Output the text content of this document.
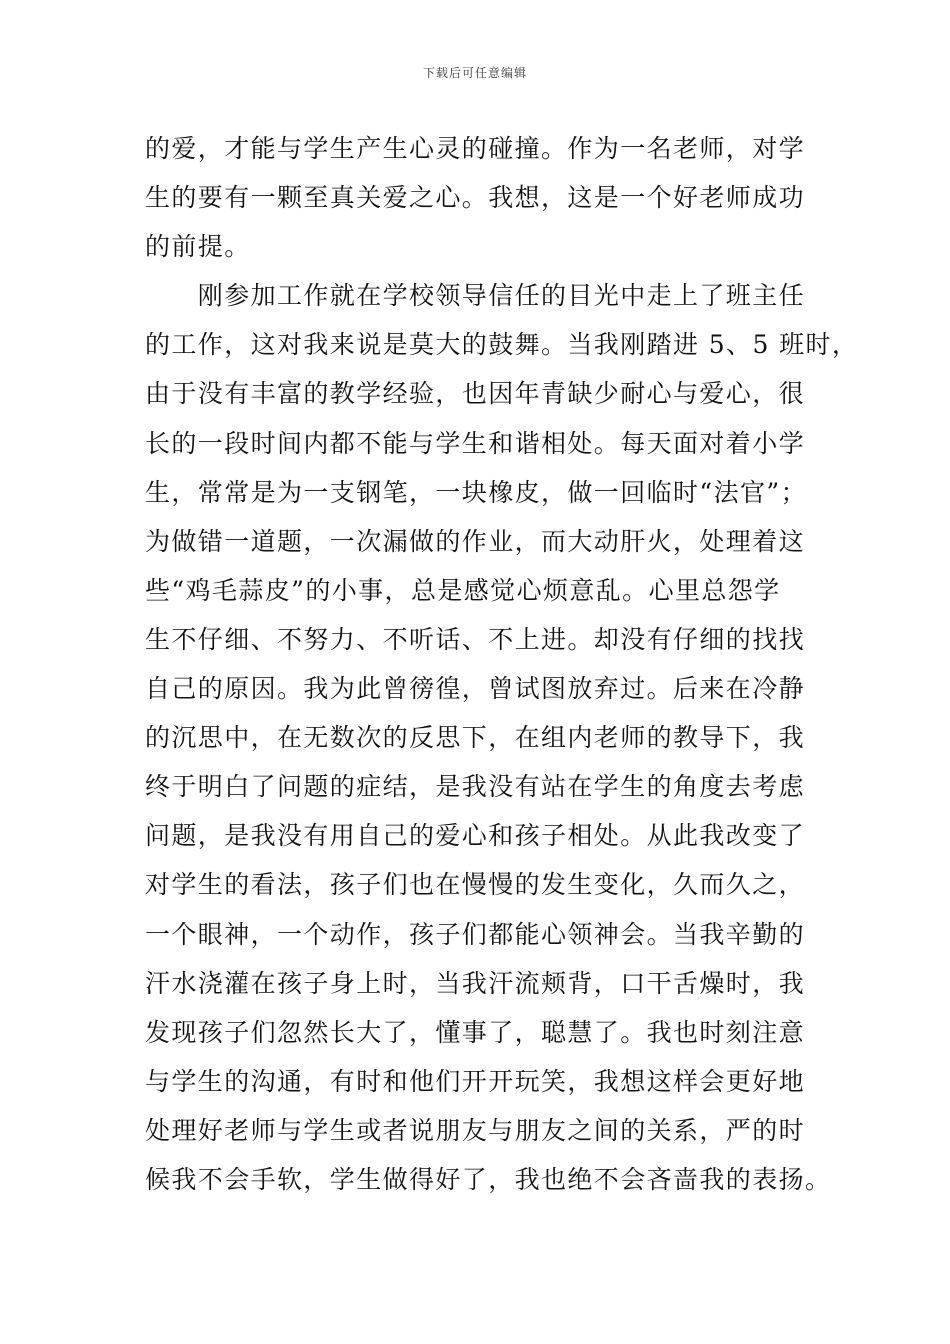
下载后可任意编辑
的爱，才能与学生产生心灵的碰撞。作为一名老师，对学
生的要有一颗至真关爱之心。我想，这是一个好老师成功
的前提。
　　刚参加工作就在学校领导信任的目光中走上了班主任
的工作，这对我来说是莫大的鼓舞。当我刚踏进 5、5 班时，
由于没有丰富的教学经验，也因年青缺少耐心与爱心，很
长的一段时间内都不能与学生和谐相处。每天面对着小学
生，常常是为一支钢笔，一块橡皮，做一回临时“法官”；
为做错一道题，一次漏做的作业，而大动肝火，处理着这
些“鸡毛蒜皮”的小事，总是感觉心烦意乱。心里总怨学
生不仔细、不努力、不听话、不上进。却没有仔细的找找
自己的原因。我为此曾徬徨，曾试图放弃过。后来在冷静
的沉思中，在无数次的反思下，在组内老师的教导下，我
终于明白了问题的症结，是我没有站在学生的角度去考虑
问题，是我没有用自己的爱心和孩子相处。从此我改变了
对学生的看法，孩子们也在慢慢的发生变化，久而久之，
一个眼神，一个动作，孩子们都能心领神会。当我辛勤的
汗水浇灌在孩子身上时，当我汗流颊背，口干舌燥时，我
发现孩子们忽然长大了，懂事了，聪慧了。我也时刻注意
与学生的沟通，有时和他们开开玩笑，我想这样会更好地
处理好老师与学生或者说朋友与朋友之间的关系，严的时
候我不会手软，学生做得好了，我也绝不会吝啬我的表扬。
